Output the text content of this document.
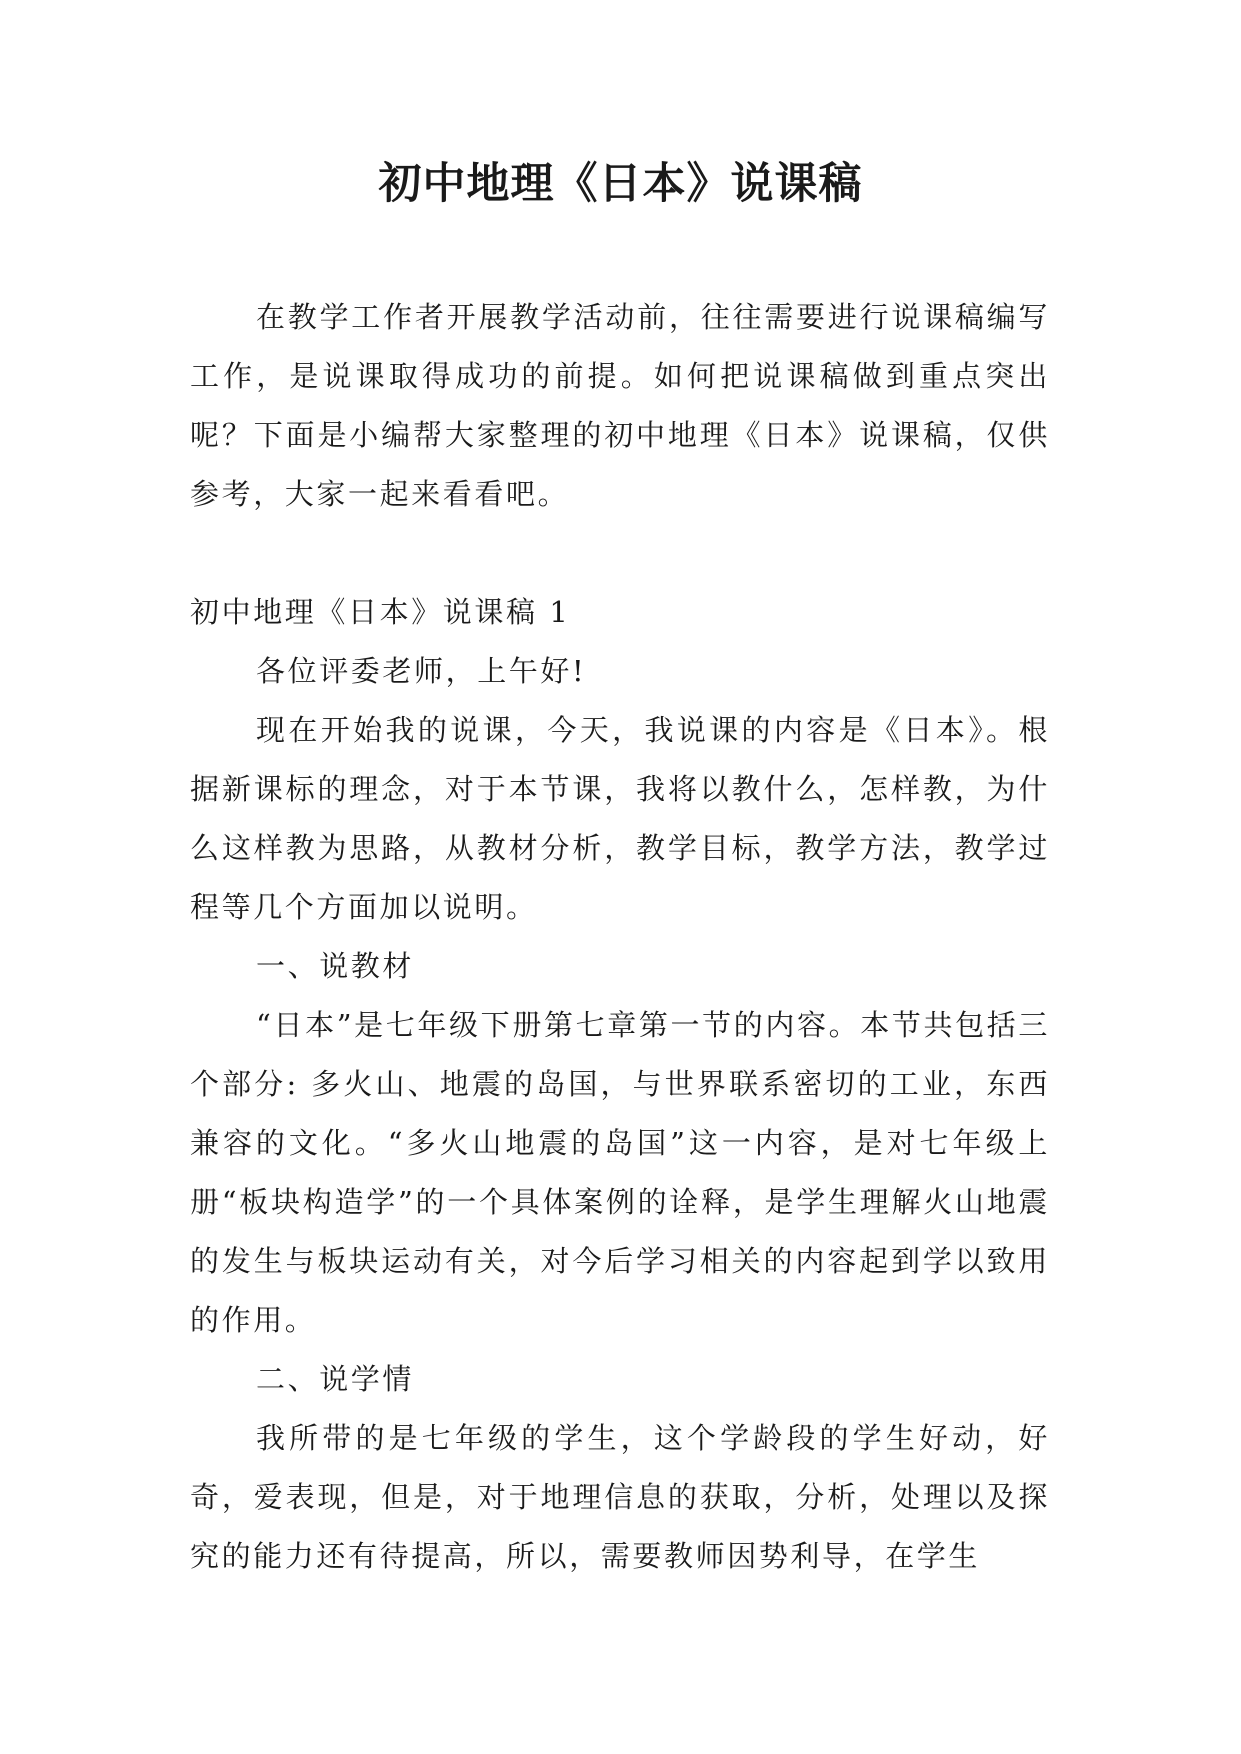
初中地理《日本》说课稿

在教学工作者开展教学活动前，往往需要进行说课稿编写工作，是说课取得成功的前提。如何把说课稿做到重点突出呢？下面是小编帮大家整理的初中地理《日本》说课稿，仅供参考，大家一起来看看吧。

初中地理《日本》说课稿 1

各位评委老师，上午好!

现在开始我的说课，今天，我说课的内容是《日本》。根据新课标的理念，对于本节课，我将以教什么，怎样教，为什么这样教为思路，从教材分析，教学目标，教学方法，教学过程等几个方面加以说明。

一、说教材

“日本”是七年级下册第七章第一节的内容。本节共包括三个部分: 多火山、地震的岛国，与世界联系密切的工业，东西兼容的文化。“多火山地震的岛国”这一内容，是对七年级上册“板块构造学”的一个具体案例的诠释，是学生理解火山地震的发生与板块运动有关，对今后学习相关的内容起到学以致用的作用。

二、说学情

我所带的是七年级的学生，这个学龄段的学生好动，好奇，爱表现，但是，对于地理信息的获取，分析，处理以及探究的能力还有待提高，所以，需要教师因势利导，在学生
